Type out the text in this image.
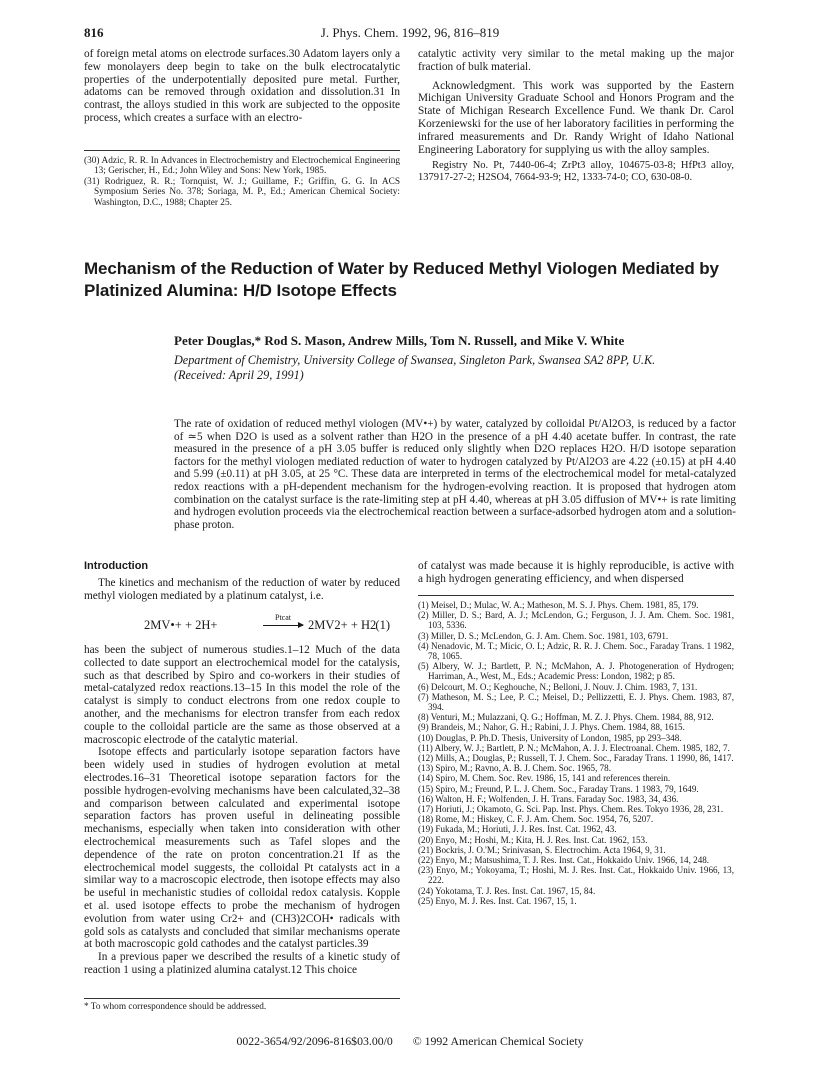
816	J. Phys. Chem. 1992, 96, 816–819
of foreign metal atoms on electrode surfaces.30 Adatom layers only a few monolayers deep begin to take on the bulk electrocatalytic properties of the underpotentially deposited pure metal. Further, adatoms can be removed through oxidation and dissolution.31 In contrast, the alloys studied in this work are subjected to the opposite process, which creates a surface with an electro-

(30) Adzic, R. R. In Advances in Electrochemistry and Electrochemical Engineering 13; Gerischer, H., Ed.; John Wiley and Sons: New York, 1985.

(31) Rodriguez, R. R.; Tornquist, W. J.; Guillame, F.; Griffin, G. G. In ACS Symposium Series No. 378; Soriaga, M. P., Ed.; American Chemical Society: Washington, D.C., 1988; Chapter 25.

catalytic activity very similar to the metal making up the major fraction of bulk material.

Acknowledgment. This work was supported by the Eastern Michigan University Graduate School and Honors Program and the State of Michigan Research Excellence Fund. We thank Dr. Carol Korzeniewski for the use of her laboratory facilities in performing the infrared measurements and Dr. Randy Wright of Idaho National Engineering Laboratory for supplying us with the alloy samples.

Registry No. Pt, 7440-06-4; ZrPt3 alloy, 104675-03-8; HfPt3 alloy, 137917-27-2; H2SO4, 7664-93-9; H2, 1333-74-0; CO, 630-08-0.

Mechanism of the Reduction of Water by Reduced Methyl Viologen Mediated by Platinized Alumina: H/D Isotope Effects
Peter Douglas,* Rod S. Mason, Andrew Mills, Tom N. Russell, and Mike V. White
Department of Chemistry, University College of Swansea, Singleton Park, Swansea SA2 8PP, U.K.
(Received: April 29, 1991)
The rate of oxidation of reduced methyl viologen (MV•+) by water, catalyzed by colloidal Pt/Al2O3, is reduced by a factor of ≃5 when D2O is used as a solvent rather than H2O in the presence of a pH 4.40 acetate buffer. In contrast, the rate measured in the presence of a pH 3.05 buffer is reduced only slightly when D2O replaces H2O. H/D isotope separation factors for the methyl viologen mediated reduction of water to hydrogen catalyzed by Pt/Al2O3 are 4.22 (±0.15) at pH 4.40 and 5.99 (±0.11) at pH 3.05, at 25 °C. These data are interpreted in terms of the electrochemical model for metal-catalyzed redox reactions with a pH-dependent mechanism for the hydrogen-evolving reaction. It is proposed that hydrogen atom combination on the catalyst surface is the rate-limiting step at pH 4.40, whereas at pH 3.05 diffusion of MV•+ is rate limiting and hydrogen evolution proceeds via the electrochemical reaction between a surface-adsorbed hydrogen atom and a solution-phase proton.

Introduction

The kinetics and mechanism of the reduction of water by reduced methyl viologen mediated by a platinum catalyst, i.e.

2MV•+ + 2H+
Ptcat
2MV2+ + H2 (1)

has been the subject of numerous studies.1–12 Much of the data collected to date support an electrochemical model for the catalysis, such as that described by Spiro and co-workers in their studies of metal-catalyzed redox reactions.13–15 In this model the role of the catalyst is simply to conduct electrons from one redox couple to another, and the mechanisms for electron transfer from each redox couple to the colloidal particle are the same as those observed at a macroscopic electrode of the catalytic material.

Isotope effects and particularly isotope separation factors have been widely used in studies of hydrogen evolution at metal electrodes.16–31 Theoretical isotope separation factors for the possible hydrogen-evolving mechanisms have been calculated,32–38 and comparison between calculated and experimental isotope separation factors has proven useful in delineating possible mechanisms, especially when taken into consideration with other electrochemical measurements such as Tafel slopes and the dependence of the rate on proton concentration.21 If as the electrochemical model suggests, the colloidal Pt catalysts act in a similar way to a macroscopic electrode, then isotope effects may also be useful in mechanistic studies of colloidal redox catalysis. Kopple et al. used isotope effects to probe the mechanism of hydrogen evolution from water using Cr2+ and (CH3)2COH• radicals with gold sols as catalysts and concluded that similar mechanisms operate at both macroscopic gold cathodes and the catalyst particles.39

In a previous paper we described the results of a kinetic study of reaction 1 using a platinized alumina catalyst.12 This choice

* To whom correspondence should be addressed.
of catalyst was made because it is highly reproducible, is active with a high hydrogen generating efficiency, and when dispersed

(1) Meisel, D.; Mulac, W. A.; Matheson, M. S. J. Phys. Chem. 1981, 85, 179.

(2) Miller, D. S.; Bard, A. J.; McLendon, G.; Ferguson, J. J. Am. Chem. Soc. 1981, 103, 5336.

(3) Miller, D. S.; McLendon, G. J. Am. Chem. Soc. 1981, 103, 6791.

(4) Nenadovic, M. T.; Micic, O. I.; Adzic, R. R. J. Chem. Soc., Faraday Trans. 1 1982, 78, 1065.

(5) Albery, W. J.; Bartlett, P. N.; McMahon, A. J. Photogeneration of Hydrogen; Harriman, A., West, M., Eds.; Academic Press: London, 1982; p 85.

(6) Delcourt, M. O.; Keghouche, N.; Belloni, J. Nouv. J. Chim. 1983, 7, 131.

(7) Matheson, M. S.; Lee, P. C.; Meisel, D.; Pellizzetti, E. J. Phys. Chem. 1983, 87, 394.

(8) Venturi, M.; Mulazzani, Q. G.; Hoffman, M. Z. J. Phys. Chem. 1984, 88, 912.

(9) Brandeis, M.; Nahor, G. H.; Rabini, J. J. Phys. Chem. 1984, 88, 1615.

(10) Douglas, P. Ph.D. Thesis, University of London, 1985, pp 293–348.

(11) Albery, W. J.; Bartlett, P. N.; McMahon, A. J. J. Electroanal. Chem. 1985, 182, 7.

(12) Mills, A.; Douglas, P.; Russell, T. J. Chem. Soc., Faraday Trans. 1 1990, 86, 1417.

(13) Spiro, M.; Ravno, A. B. J. Chem. Soc. 1965, 78.

(14) Spiro, M. Chem. Soc. Rev. 1986, 15, 141 and references therein.

(15) Spiro, M.; Freund, P. L. J. Chem. Soc., Faraday Trans. 1 1983, 79, 1649.

(16) Walton, H. F.; Wolfenden, J. H. Trans. Faraday Soc. 1983, 34, 436.

(17) Horiuti, J.; Okamoto, G. Sci. Pap. Inst. Phys. Chem. Res. Tokyo 1936, 28, 231.

(18) Rome, M.; Hiskey, C. F. J. Am. Chem. Soc. 1954, 76, 5207.

(19) Fukada, M.; Horiuti, J. J. Res. Inst. Cat. 1962, 43.

(20) Enyo, M.; Hoshi, M.; Kita, H. J. Res. Inst. Cat. 1962, 153.

(21) Bockris, J. O.'M.; Srinivasan, S. Electrochim. Acta 1964, 9, 31.

(22) Enyo, M.; Matsushima, T. J. Res. Inst. Cat., Hokkaido Univ. 1966, 14, 248.

(23) Enyo, M.; Yokoyama, T.; Hoshi, M. J. Res. Inst. Cat., Hokkaido Univ. 1966, 13, 222.

(24) Yokotama, T. J. Res. Inst. Cat. 1967, 15, 84.

(25) Enyo, M. J. Res. Inst. Cat. 1967, 15, 1.

0022-3654/92/2096-816$03.00/0 © 1992 American Chemical Society
